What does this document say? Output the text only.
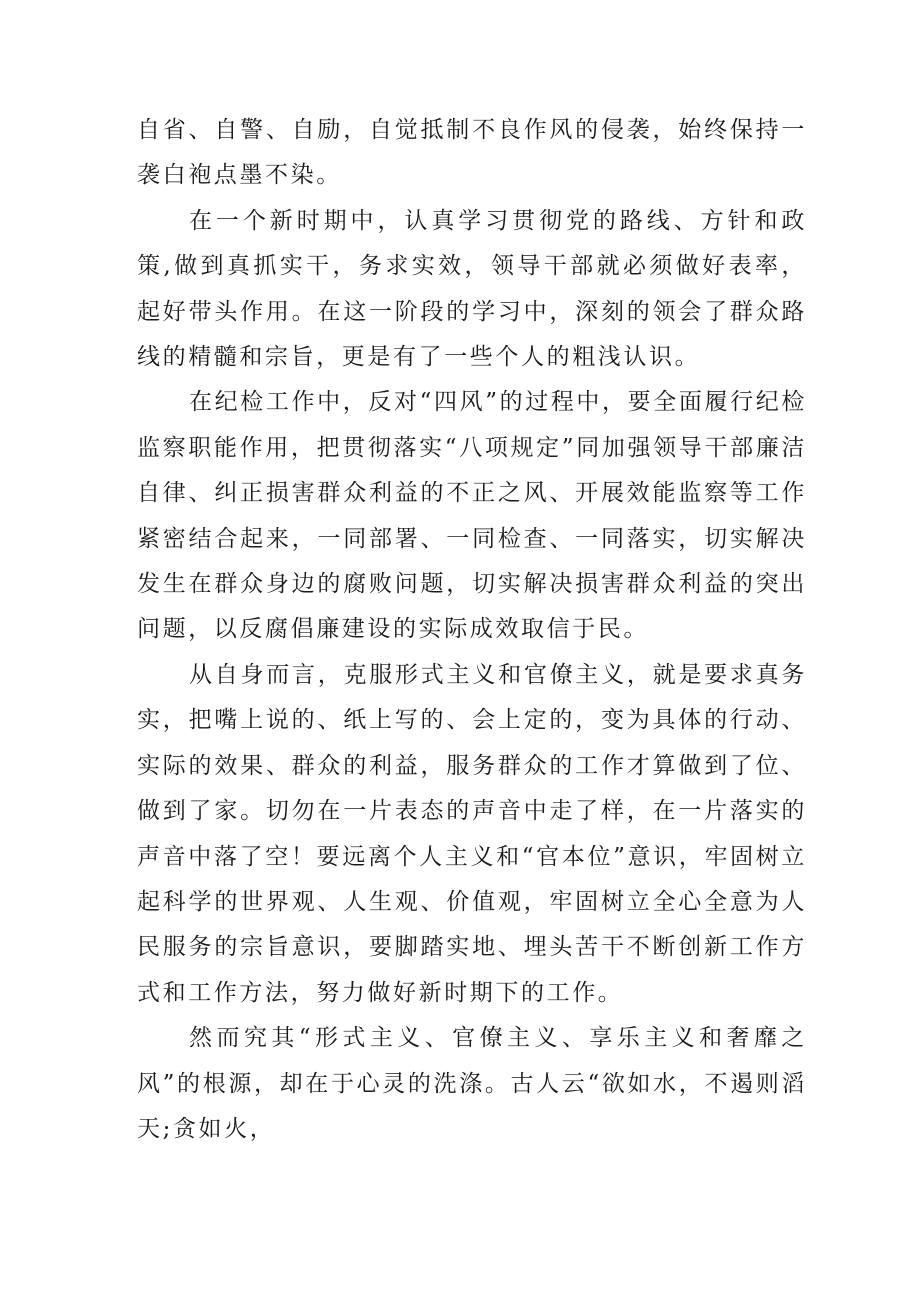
自省、自警、自励，自觉抵制不良作风的侵袭，始终保持一袭白袍点墨不染。

在一个新时期中，认真学习贯彻党的路线、方针和政策,做到真抓实干，务求实效，领导干部就必须做好表率，起好带头作用。在这一阶段的学习中，深刻的领会了群众路线的精髓和宗旨，更是有了一些个人的粗浅认识。

在纪检工作中，反对“四风”的过程中，要全面履行纪检监察职能作用，把贯彻落实“八项规定”同加强领导干部廉洁自律、纠正损害群众利益的不正之风、开展效能监察等工作紧密结合起来，一同部署、一同检查、一同落实，切实解决发生在群众身边的腐败问题，切实解决损害群众利益的突出问题，以反腐倡廉建设的实际成效取信于民。

从自身而言，克服形式主义和官僚主义，就是要求真务实，把嘴上说的、纸上写的、会上定的，变为具体的行动、实际的效果、群众的利益，服务群众的工作才算做到了位、做到了家。切勿在一片表态的声音中走了样，在一片落实的声音中落了空！要远离个人主义和“官本位”意识，牢固树立起科学的世界观、人生观、价值观，牢固树立全心全意为人民服务的宗旨意识，要脚踏实地、埋头苦干不断创新工作方式和工作方法，努力做好新时期下的工作。

然而究其“形式主义、官僚主义、享乐主义和奢靡之风”的根源，却在于心灵的洗涤。古人云“欲如水，不遏则滔天;贪如火，
